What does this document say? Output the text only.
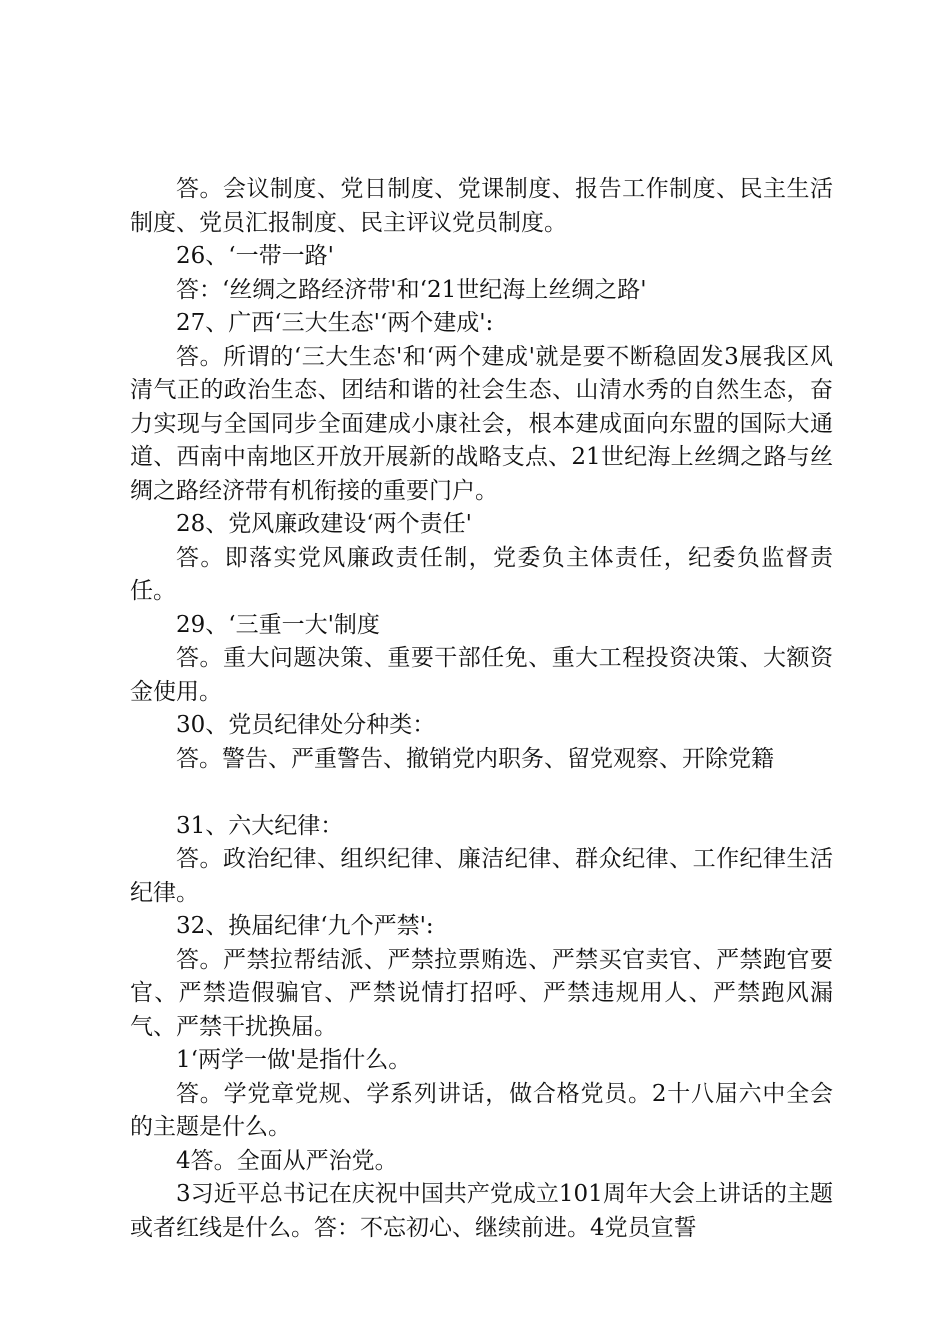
答。会议制度、党日制度、党课制度、报告工作制度、民主生活制度、党员汇报制度、民主评议党员制度。

26、‘一带一路'

答：‘丝绸之路经济带'和‘21世纪海上丝绸之路'

27、广西‘三大生态'‘两个建成':

答。所谓的‘三大生态'和‘两个建成'就是要不断稳固发3展我区风清气正的政治生态、团结和谐的社会生态、山清水秀的自然生态，奋力实现与全国同步全面建成小康社会，根本建成面向东盟的国际大通道、西南中南地区开放开展新的战略支点、21世纪海上丝绸之路与丝绸之路经济带有机衔接的重要门户。

28、党风廉政建设‘两个责任'

答。即落实党风廉政责任制，党委负主体责任，纪委负监督责任。

29、‘三重一大'制度

答。重大问题决策、重要干部任免、重大工程投资决策、大额资金使用。

30、党员纪律处分种类：

答。警告、严重警告、撤销党内职务、留党观察、开除党籍

31、六大纪律：

答。政治纪律、组织纪律、廉洁纪律、群众纪律、工作纪律生活纪律。

32、换届纪律‘九个严禁':

答。严禁拉帮结派、严禁拉票贿选、严禁买官卖官、严禁跑官要官、严禁造假骗官、严禁说情打招呼、严禁违规用人、严禁跑风漏气、严禁干扰换届。

1‘两学一做'是指什么。

答。学党章党规、学系列讲话，做合格党员。2十八届六中全会的主题是什么。

4答。全面从严治党。

3习近平总书记在庆祝中国共产党成立101周年大会上讲话的主题或者红线是什么。答：不忘初心、继续前进。4党员宣誓
